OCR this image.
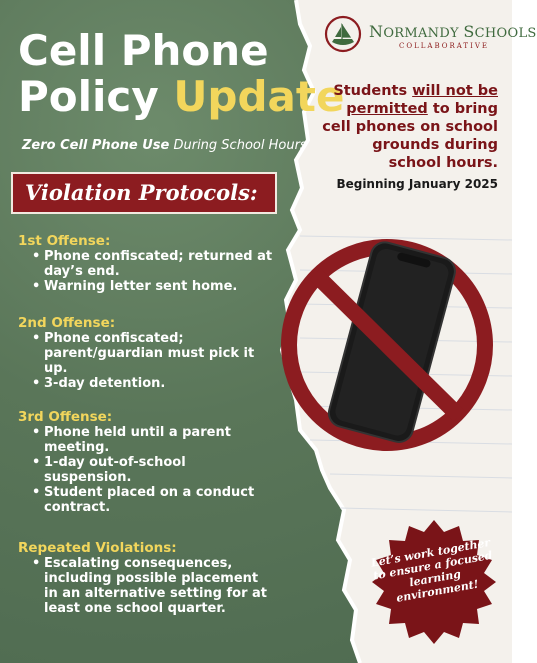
NORMANDY SCHOOLS
COLLABORATIVE
Cell Phone
Policy Update
Zero Cell Phone Use During School Hours
Students will not be permitted to bring cell phones on school grounds during school hours.
Beginning January 2025
Violation Protocols:
1st Offense:
• Phone confiscated; returned at day’s end.
• Warning letter sent home.
2nd Offense:
• Phone confiscated; parent/guardian must pick it up.
• 3-day detention.
3rd Offense:
• Phone held until a parent meeting.
• 1-day out-of-school suspension.
• Student placed on a conduct contract.
Repeated Violations:
• Escalating consequences, including possible placement in an alternative setting for at least one school quarter.
Let’s work together to ensure a focused learning environment!
